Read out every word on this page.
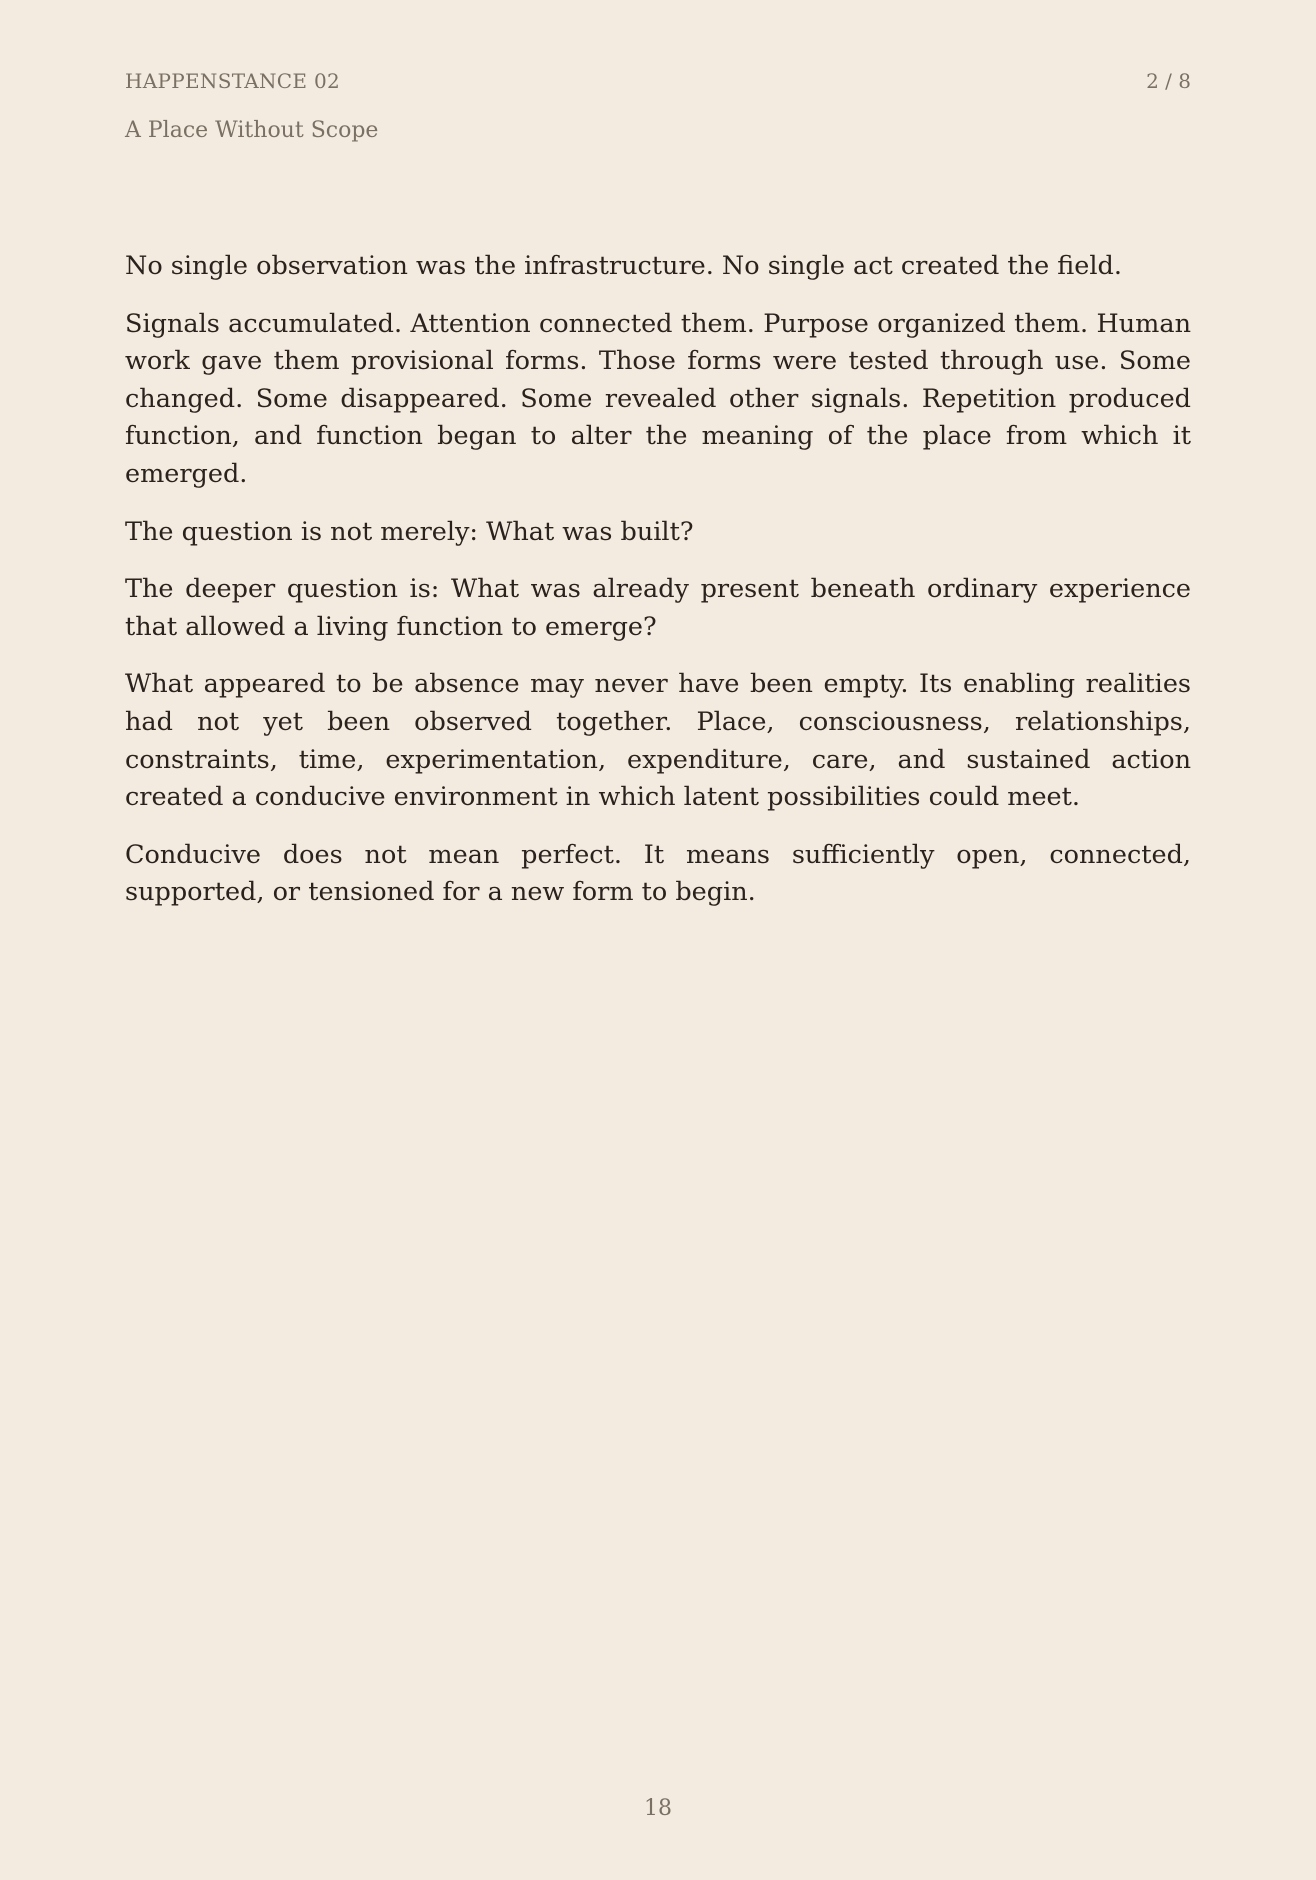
HAPPENSTANCE 02	2 / 8
A Place Without Scope

No single observation was the infrastructure. No single act created the field.

Signals accumulated. Attention connected them. Purpose organized them. Human work gave them provisional forms. Those forms were tested through use. Some changed. Some disappeared. Some revealed other signals. Repetition produced function, and function began to alter the meaning of the place from which it emerged.

The question is not merely: What was built?

The deeper question is: What was already present beneath ordinary experience that allowed a living function to emerge?

What appeared to be absence may never have been empty. Its enabling realities had not yet been observed together. Place, consciousness, relationships, constraints, time, experimentation, expenditure, care, and sustained action created a conducive environment in which latent possibilities could meet.

Conducive does not mean perfect. It means sufficiently open, connected, supported, or tensioned for a new form to begin.

18
